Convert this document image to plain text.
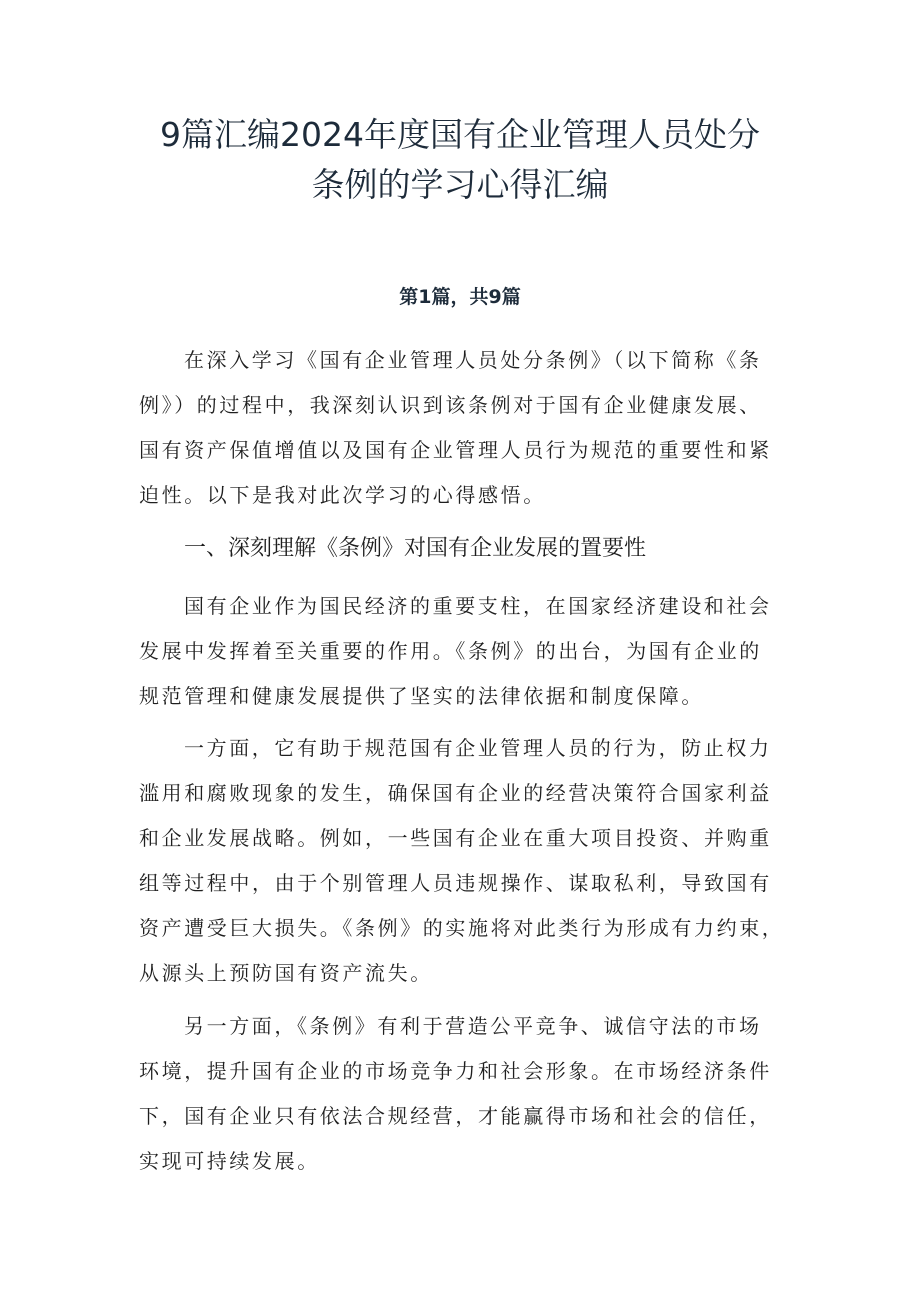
9篇汇编2024年度国有企业管理人员处分
条例的学习心得汇编
第1篇，共9篇
在深入学习《国有企业管理人员处分条例》（以下简称《条
例》）的过程中，我深刻认识到该条例对于国有企业健康发展、
国有资产保值增值以及国有企业管理人员行为规范的重要性和紧
迫性。以下是我对此次学习的心得感悟。
一、深刻理解《条例》对国有企业发展的置要性
国有企业作为国民经济的重要支柱，在国家经济建设和社会
发展中发挥着至关重要的作用。《条例》的出台，为国有企业的
规范管理和健康发展提供了坚实的法律依据和制度保障。
一方面，它有助于规范国有企业管理人员的行为，防止权力
滥用和腐败现象的发生，确保国有企业的经营决策符合国家利益
和企业发展战略。例如，一些国有企业在重大项目投资、并购重
组等过程中，由于个别管理人员违规操作、谋取私利，导致国有
资产遭受巨大损失。《条例》的实施将对此类行为形成有力约束，
从源头上预防国有资产流失。
另一方面，《条例》有利于营造公平竞争、诚信守法的市场
环境，提升国有企业的市场竞争力和社会形象。在市场经济条件
下，国有企业只有依法合规经营，才能赢得市场和社会的信任，
实现可持续发展。
